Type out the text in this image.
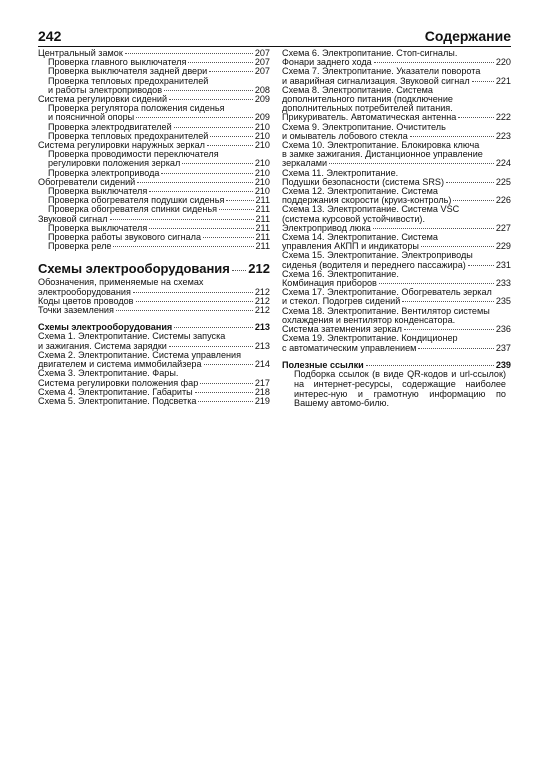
242	Содержание
Центральный замок	207
Проверка главного выключателя	207
Проверка выключателя задней двери	207
Проверка тепловых предохранителей
и работы электроприводов	208
Система регулировки сидений	209
Проверка регулятора положения сиденья
и поясничной опоры	209
Проверка электродвигателей	210
Проверка тепловых предохранителей	210
Система регулировки наружных зеркал	210
Проверка проводимости переключателя
регулировки положения зеркал	210
Проверка электропривода	210
Обогреватели сидений	210
Проверка выключателя	210
Проверка обогревателя подушки сиденья	211
Проверка обогревателя спинки сиденья	211
Звуковой сигнал	211
Проверка выключателя	211
Проверка работы звукового сигнала	211
Проверка реле	211
Схемы электрооборудования 212
Обозначения, применяемые на схемах
электрооборудования	212
Коды цветов проводов	212
Точки заземления	212
Схемы электрооборудования	213
Схема 1. Электропитание. Системы запуска
и зажигания. Система зарядки	213
Схема 2. Электропитание. Система управления
двигателем и система иммобилайзера	214
Схема 3. Электропитание. Фары.
Система регулировки положения фар	217
Схема 4. Электропитание. Габариты	218
Схема 5. Электропитание. Подсветка	219
Схема 6. Электропитание. Стоп-сигналы.
Фонари заднего хода	220
Схема 7. Электропитание. Указатели поворота
и аварийная сигнализация. Звуковой сигнал	221
Схема 8. Электропитание. Система
дополнительного питания (подключение
дополнительных потребителей питания.
Прикуриватель. Автоматическая антенна	222
Схема 9. Электропитание. Очиститель
и омыватель лобового стекла	223
Схема 10. Электропитание. Блокировка ключа
в замке зажигания. Дистанционное управление
зеркалами	224
Схема 11. Электропитание.
Подушки безопасности (система SRS)	225
Схема 12. Электропитание. Система
поддержания скорости (круиз-контроль)	226
Схема 13. Электропитание. Система VSC
(система курсовой устойчивости).
Электропривод люка	227
Схема 14. Электропитание. Система
управления АКПП и индикаторы	229
Схема 15. Электропитание. Электроприводы
сиденья (водителя и переднего пассажира)	231
Схема 16. Электропитание.
Комбинация приборов	233
Схема 17. Электропитание. Обогреватель зеркал
и стекол. Подогрев сидений	235
Схема 18. Электропитание. Вентилятор системы
охлаждения и вентилятор конденсатора.
Система затемнения зеркал	236
Схема 19. Электропитание. Кондиционер
с автоматическим управлением	237
Полезные ссылки	239
Подборка ссылок (в виде QR-кодов и url-ссылок) на интернет-ресурсы, содержащие наиболее интерес-ную и грамотную информацию по Вашему автомо-билю.
